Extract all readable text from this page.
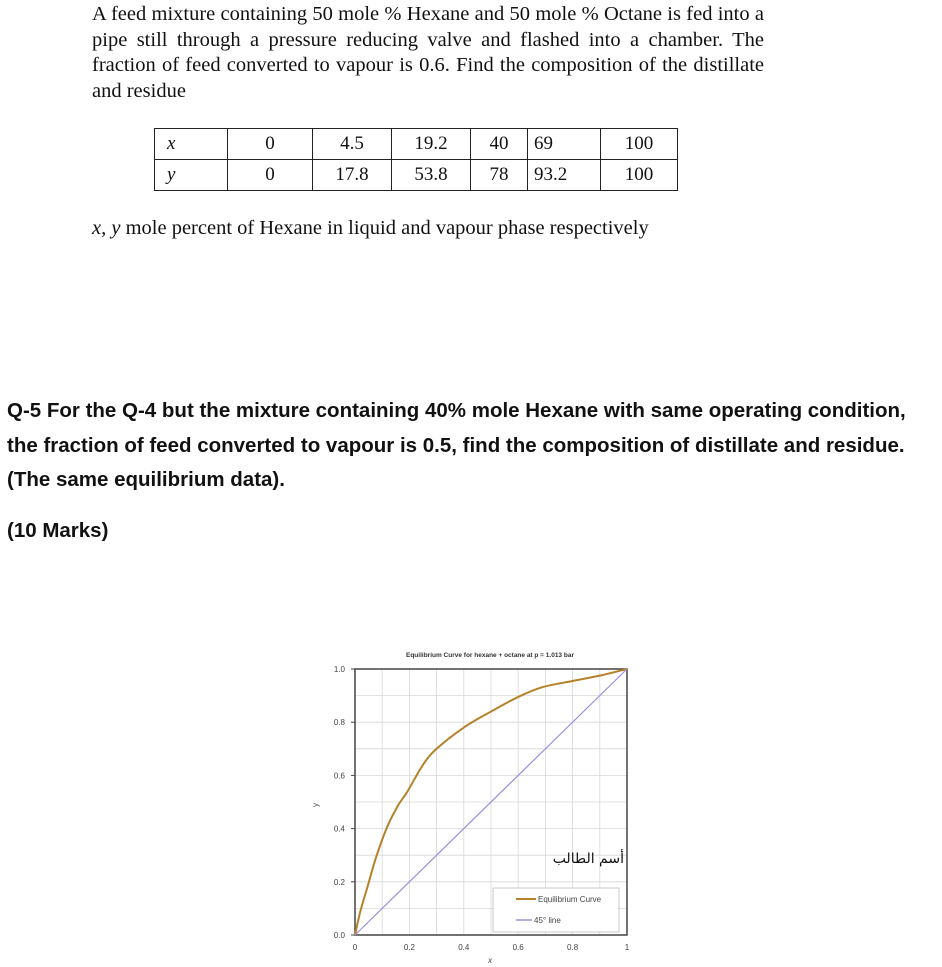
A feed mixture containing 50 mole % Hexane and 50 mole % Octane is fed into a pipe still through a pressure reducing valve and flashed into a chamber. The fraction of feed converted to vapour is 0.6. Find the composition of the distillate and residue

x	0	4.5	19.2	40	69	100
y	0	17.8	53.8	78	93.2	100
x, y mole percent of Hexane in liquid and vapour phase respectively
Q-5 For the Q-4 but the mixture containing 40% mole Hexane with same operating condition, the fraction of feed converted to vapour is 0.5, find the composition of distillate and residue. (The same equilibrium data).
(10 Marks)
Equilibrium Curve for hexane + octane at p = 1.013 bar
0.0
0.2
0.4
0.6
0.8
1.0
0	0.2	0.4	0.6	0.8	1
y
x
أسم الطالب
Equilibrium Curve
45° line
